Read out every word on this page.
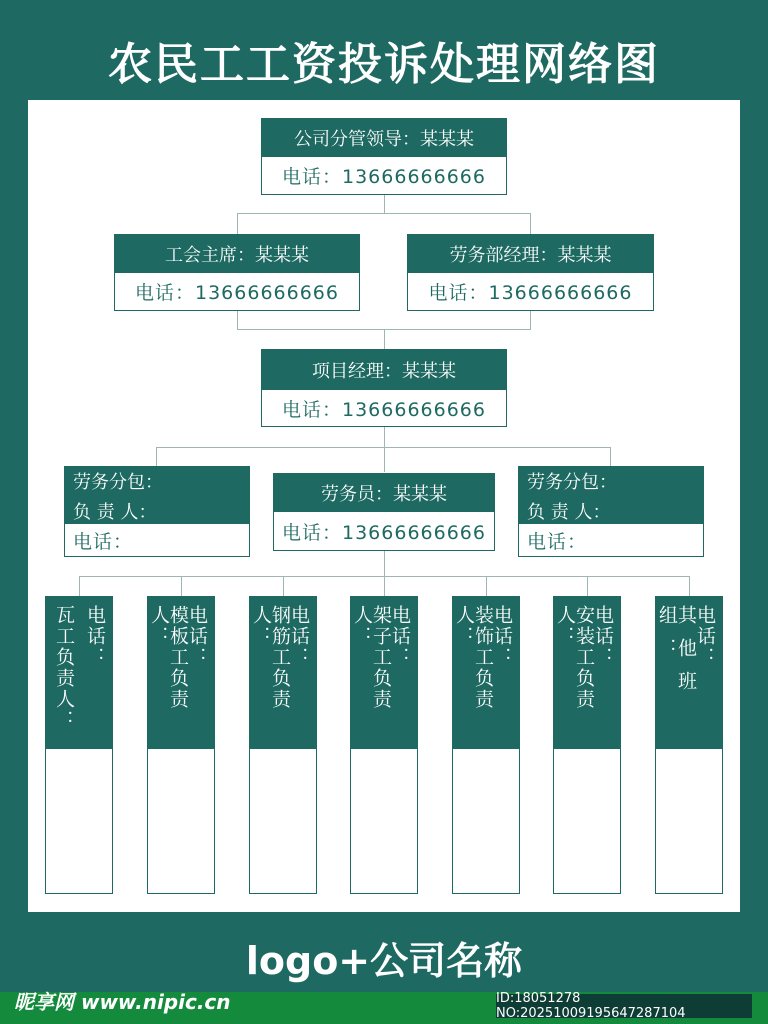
农民工工资投诉处理网络图
公司分管领导：某某某
电话：13666666666
工会主席：某某某
电话：13666666666
劳务部经理：某某某
电话：13666666666
项目经理：某某某
电话：13666666666
劳务分包：
负 责 人：
电话：
劳务员：某某某
电话：13666666666
劳务分包：
负 责 人：
电话：
电话：
瓦工负责人：	电话：
模板工负责人：	电话：
钢筋工负责人：	电话：
架子工负责人：	电话：
装饰工负责人：	电话：
安装工负责人：	电话：
其他班组：
logo+公司名称
昵享网 www.nipic.cn	ID:18051278 NO:20251009195647287104
